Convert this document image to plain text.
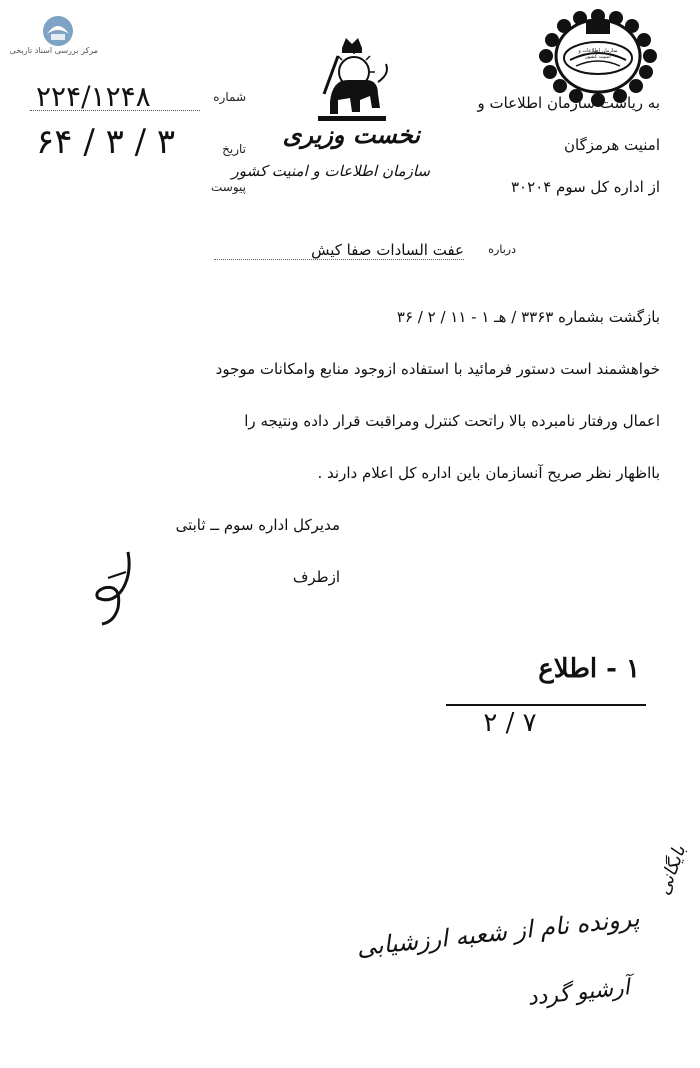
مرکز بررسی اسناد تاریخی	سازمان اطلاعات و امنیت کشور
نخست وزیری
سازمان اطلاعات و امنیت کشور
شماره
۲۲۴/۱۲۴۸
تاریخ
۶۴ / ۳ / ۳
پیوست
به ریاست سازمان اطلاعات و
امنیت هرمزگان
از اداره کل سوم ۳۰۲۰۴
درباره
عفت السادات صفا کیش
بازگشت بشماره ۳۳۶۳ / هـ ۱ - ۱۱ / ۲ / ۳۶
خواهشمند است دستور فرمائید با استفاده ازوجود منابع وامکانات موجود
اعمال ورفتار نامبرده بالا راتحت کنترل ومراقبت قرار داده ونتیجه را
بااظهار نظر صریح آنسازمان باین اداره کل اعلام دارند .
مدیرکل اداره سوم ــ ثابتی
ازطرف
۱ - اطلاع
۲ / ۷
بایگانی
پرونده نام از شعبه ارزشیابی
آرشیو گردد
